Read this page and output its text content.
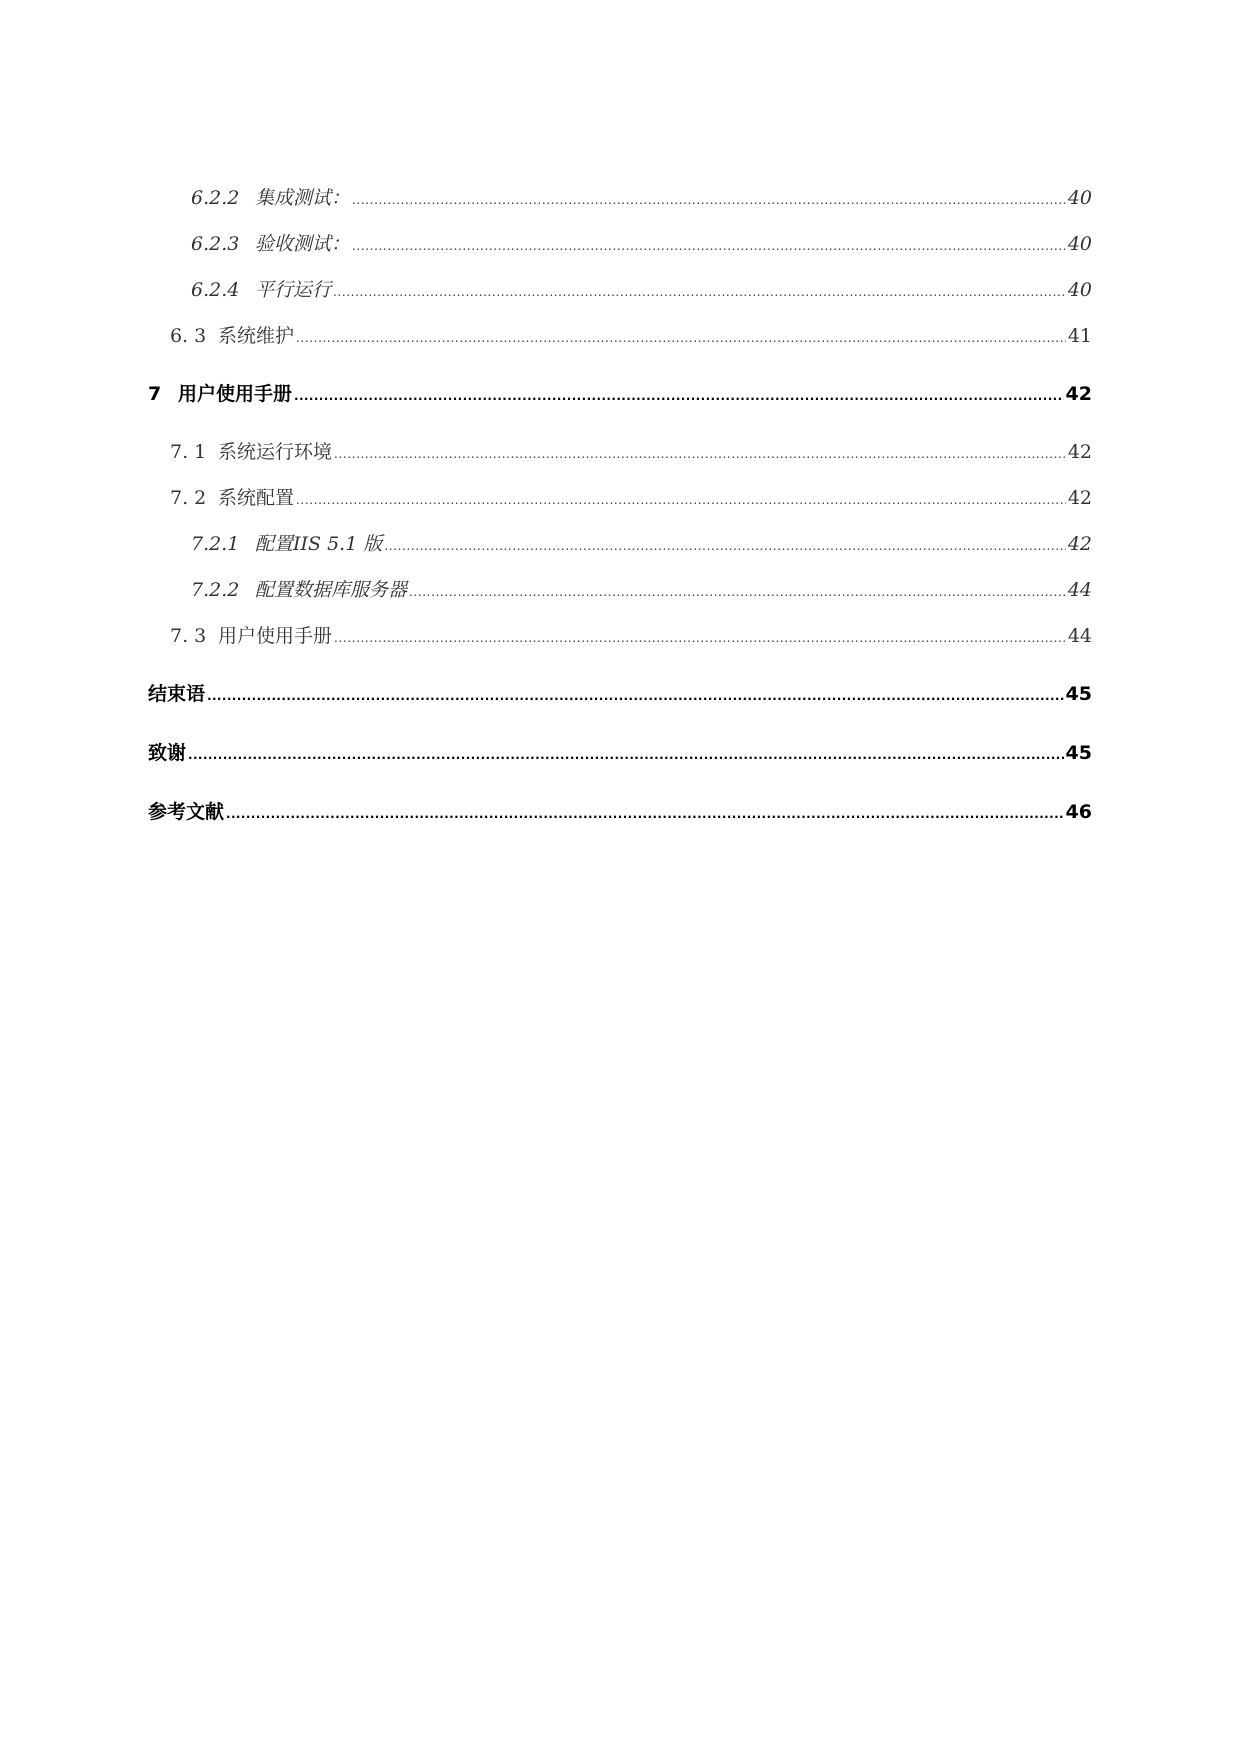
6.2.2 集成测试： .....	40
6.2.3 验收测试： .....	40
6.2.4 平行运行 .....	40
6. 3 系统维护 .....	41
7 用户使用手册 .....	42
7. 1 系统运行环境 .....	42
7. 2 系统配置 .....	42
7.2.1 配置IIS 5.1 版 .....	42
7.2.2 配置数据库服务器 .....	44
7. 3 用户使用手册 .....	44
结束语 .....	45
致谢 .....	45
参考文献 .....	46
